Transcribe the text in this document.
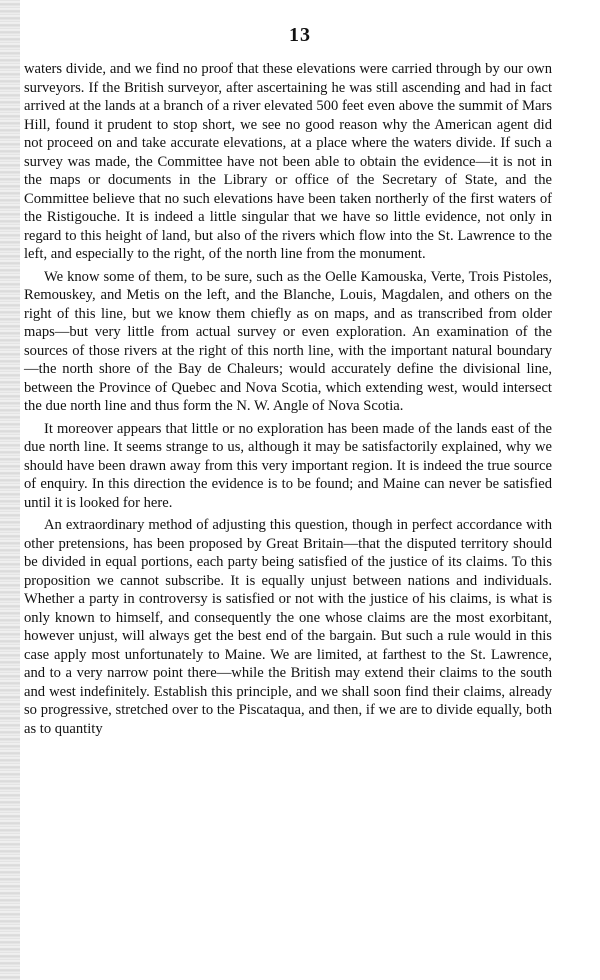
13

waters divide, and we find no proof that these elevations were carried through by our own surveyors. If the British surveyor, after ascertaining he was still ascending and had in fact arrived at the lands at a branch of a river elevated 500 feet even above the summit of Mars Hill, found it prudent to stop short, we see no good reason why the American agent did not proceed on and take accurate elevations, at a place where the waters divide. If such a survey was made, the Committee have not been able to obtain the evidence—it is not in the maps or documents in the Library or office of the Secretary of State, and the Committee believe that no such elevations have been taken northerly of the first waters of the Ristigouche. It is indeed a little singular that we have so little evidence, not only in regard to this height of land, but also of the rivers which flow into the St. Lawrence to the left, and especially to the right, of the north line from the monument.

We know some of them, to be sure, such as the Oelle Kamouska, Verte, Trois Pistoles, Remouskey, and Metis on the left, and the Blanche, Louis, Magdalen, and others on the right of this line, but we know them chiefly as on maps, and as transcribed from older maps—but very little from actual survey or even exploration. An examination of the sources of those rivers at the right of this north line, with the important natural boundary—the north shore of the Bay de Chaleurs; would accurately define the divisional line, between the Province of Quebec and Nova Scotia, which extending west, would intersect the due north line and thus form the N. W. Angle of Nova Scotia.

It moreover appears that little or no exploration has been made of the lands east of the due north line. It seems strange to us, although it may be satisfactorily explained, why we should have been drawn away from this very important region. It is indeed the true source of enquiry. In this direction the evidence is to be found; and Maine can never be satisfied until it is looked for here.

An extraordinary method of adjusting this question, though in perfect accordance with other pretensions, has been proposed by Great Britain—that the disputed territory should be divided in equal portions, each party being satisfied of the justice of its claims. To this proposition we cannot subscribe. It is equally unjust between nations and individuals. Whether a party in controversy is satisfied or not with the justice of his claims, is what is only known to himself, and consequently the one whose claims are the most exorbitant, however unjust, will always get the best end of the bargain. But such a rule would in this case apply most unfortunately to Maine. We are limited, at farthest to the St. Lawrence, and to a very narrow point there—while the British may extend their claims to the south and west indefinitely. Establish this principle, and we shall soon find their claims, already so progressive, stretched over to the Piscataqua, and then, if we are to divide equally, both as to quantity
